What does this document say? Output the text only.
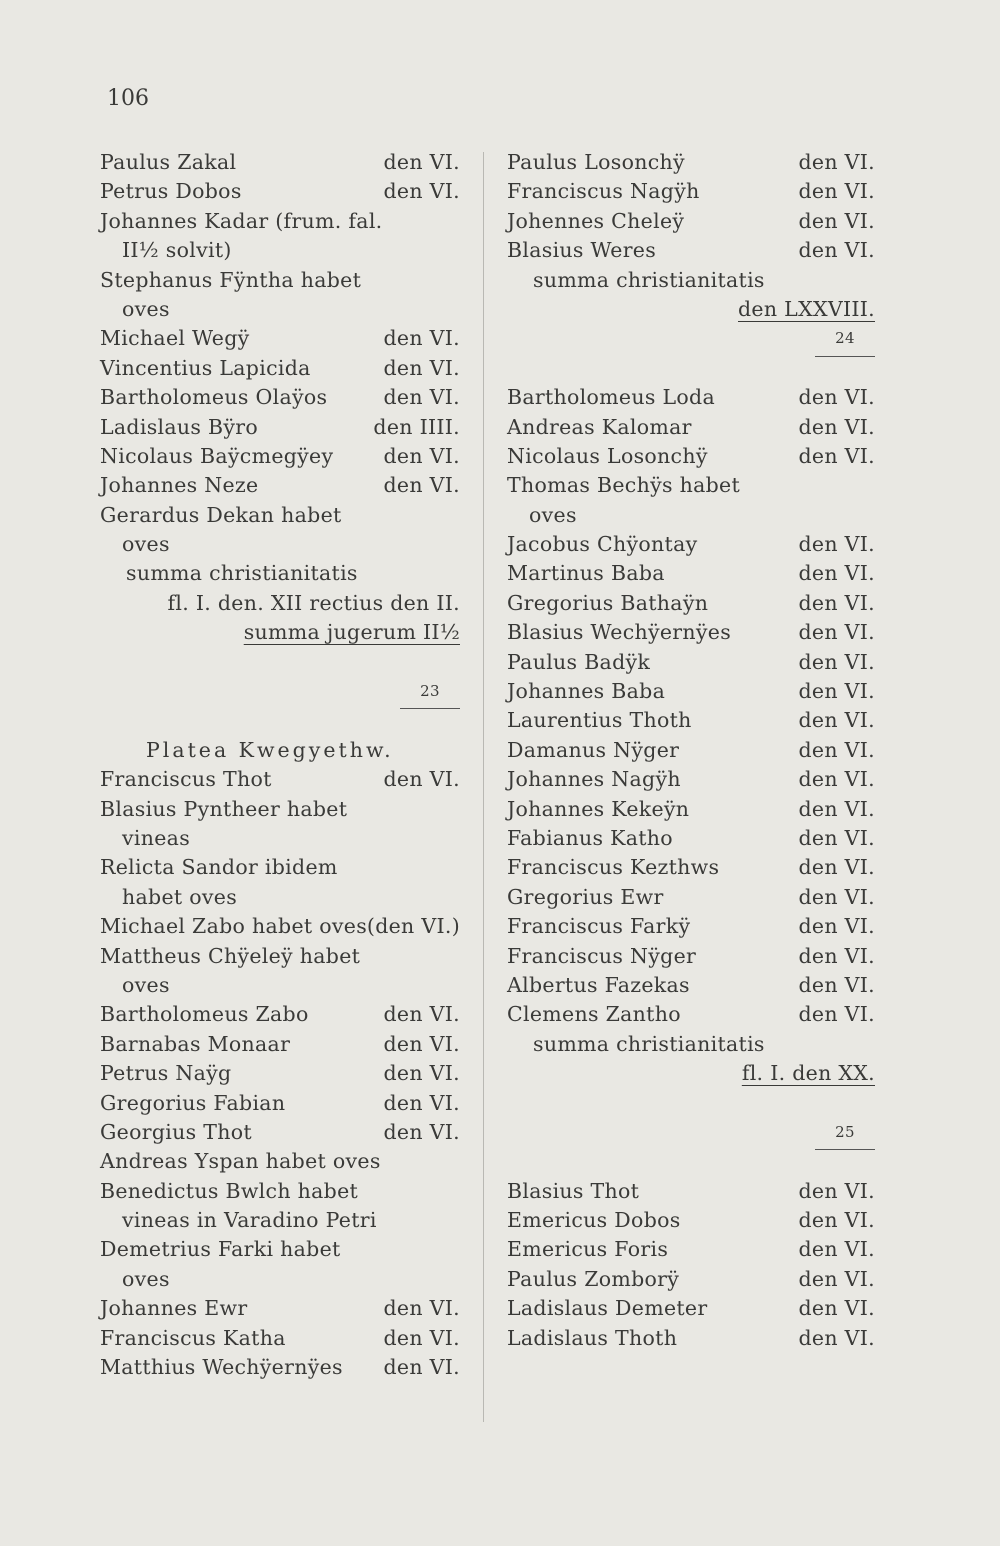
106
Paulus Zakal	den VI.
Petrus Dobos	den VI.
Johannes Kadar (frum. fal.
II½ solvit)
Stephanus Fÿntha habet
oves
Michael Wegÿ	den VI.
Vincentius Lapicida	den VI.
Bartholomeus Olaÿos	den VI.
Ladislaus Bÿro	den IIII.
Nicolaus Baÿcmegÿey den VI.
Johannes Neze	den VI.
Gerardus Dekan habet
oves
summa christianitatis
fl. I. den. XII rectius den II.
summa jugerum II½
23
Platea Kwegyethw.
Franciscus Thot	den VI.
Blasius Pyntheer habet
vineas
Relicta Sandor ibidem
habet oves
Michael Zabo habet oves (den VI.)
Mattheus Chÿeleÿ habet
oves
Bartholomeus Zabo	den VI.
Barnabas Monaar	den VI.
Petrus Naÿg	den VI.
Gregorius Fabian	den VI.
Georgius Thot	den VI.
Andreas Yspan habet oves
Benedictus Bwlch habet
vineas in Varadino Petri
Demetrius Farki habet
oves
Johannes Ewr	den VI.
Franciscus Katha	den VI.
Matthius Wechÿernÿes den VI.
Paulus Losonchÿ	den VI.
Franciscus Nagÿh	den VI.
Johennes Cheleÿ	den VI.
Blasius Weres	den VI.
summa christianitatis
den LXXVIII.
24
Bartholomeus Loda	den VI.
Andreas Kalomar	den VI.
Nicolaus Losonchÿ	den VI.
Thomas Bechÿs habet
oves
Jacobus Chÿontay	den VI.
Martinus Baba	den VI.
Gregorius Bathaÿn	den VI.
Blasius Wechÿernÿes	den VI.
Paulus Badÿk	den VI.
Johannes Baba	den VI.
Laurentius Thoth	den VI.
Damanus Nÿger	den VI.
Johannes Nagÿh	den VI.
Johannes Kekeÿn	den VI.
Fabianus Katho	den VI.
Franciscus Kezthws	den VI.
Gregorius Ewr	den VI.
Franciscus Farkÿ	den VI.
Franciscus Nÿger	den VI.
Albertus Fazekas	den VI.
Clemens Zantho	den VI.
summa christianitatis
fl. I. den XX.
25
Blasius Thot	den VI.
Emericus Dobos	den VI.
Emericus Foris	den VI.
Paulus Zomborÿ	den VI.
Ladislaus Demeter	den VI.
Ladislaus Thoth	den VI.
